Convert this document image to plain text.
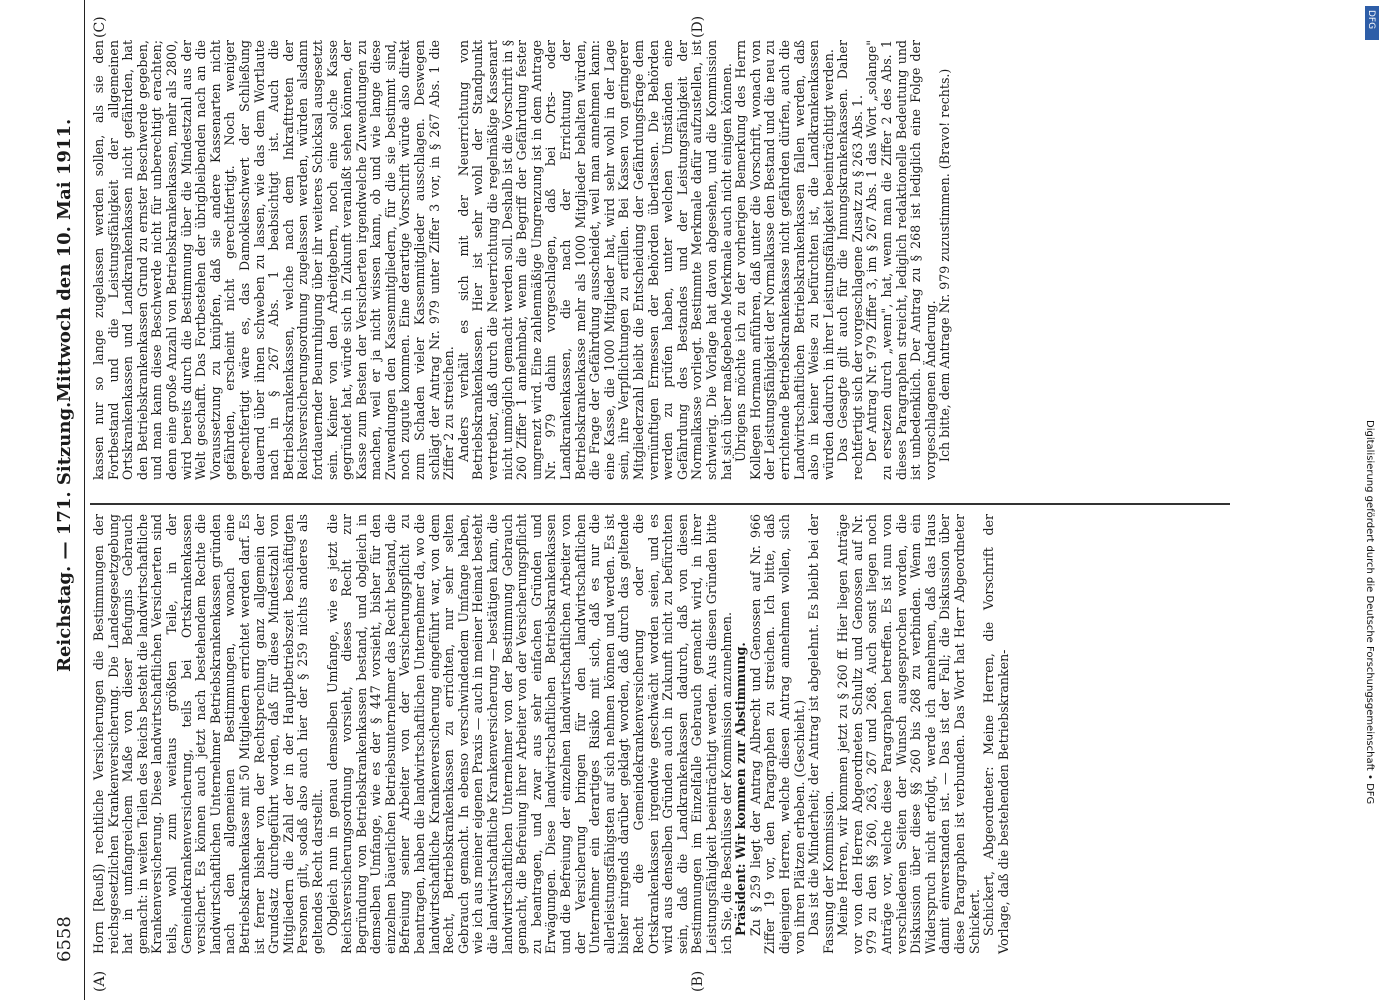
6558
Reichstag. — 171. Sitzung.
Mittwoch den 10. Mai 1911.
(A)	(B)
(C)	(D)

Horn [Reuß]) rechtliche Versicherungen die Bestimmungen der reichsgesetzlichen Krankenversicherung. Die Landesgesetzgebung hat in umfangreichem Maße von dieser Befugnis Gebrauch gemacht: in weiten Teilen des Reichs besteht die landwirtschaftliche Krankenversicherung. Diese landwirtschaftlichen Versicherten sind teils, wohl zum weitaus größten Teile, in der Gemeindekrankenversicherung, teils bei Ortskrankenkassen versichert. Es können auch jetzt nach bestehendem Rechte die landwirtschaftlichen Unternehmer Betriebskrankenkassen gründen nach den allgemeinen Bestimmungen, wonach eine Betriebskrankenkasse mit 50 Mitgliedern errichtet werden darf. Es ist ferner bisher von der Rechtsprechung ganz allgemein der Grundsatz durchgeführt worden, daß für diese Mindestzahl von Mitgliedern die Zahl der in der Hauptbetriebszeit beschäftigten Personen gilt, sodaß also auch hier der § 259 nichts anderes als geltendes Recht darstellt. Obgleich nun in genau demselben Umfange, wie es jetzt die Reichsversicherungsordnung vorsieht, dieses Recht zur Begründung von Betriebskrankenkassen bestand, und obgleich in demselben Umfange, wie es der § 447 vorsieht, bisher für den einzelnen bäuerlichen Betriebsunternehmer das Recht bestand, die Befreiung seiner Arbeiter von der Versicherungspflicht zu beantragen, haben die landwirtschaftlichen Unternehmer da, wo die landwirtschaftliche Krankenversicherung eingeführt war, von dem Recht, Betriebskrankenkassen zu errichten, nur sehr selten Gebrauch gemacht. In ebenso verschwindendem Umfange haben, wie ich aus meiner eigenen Praxis — auch in meiner Heimat besteht die landwirtschaftliche Krankenversicherung — bestätigen kann, die landwirtschaftlichen Unternehmer von der Bestimmung Gebrauch gemacht, die Befreiung ihrer Arbeiter von der Versicherungspflicht zu beantragen, und zwar aus sehr einfachen Gründen und Erwägungen. Diese landwirtschaftlichen Betriebskrankenkassen und die Befreiung der einzelnen landwirtschaftlichen Arbeiter von der Versicherung bringen für den landwirtschaftlichen Unternehmer ein derartiges Risiko mit sich, daß es nur die allerleistungsfähigsten auf sich nehmen können und werden. Es ist bisher nirgends darüber geklagt worden, daß durch das geltende Recht die Gemeindekrankenversicherung oder die Ortskrankenkassen irgendwie geschwächt worden seien, und es wird aus denselben Gründen auch in Zukunft nicht zu befürchten sein, daß die Landkrankenkassen dadurch, daß von diesen Bestimmungen im Einzelfalle Gebrauch gemacht wird, in ihrer Leistungsfähigkeit beeinträchtigt werden. Aus diesen Gründen bitte ich Sie, die Beschlüsse der Kommission anzunehmen. Präsident: Wir kommen zur Abstimmung. Zu § 259 liegt der Antrag Albrecht und Genossen auf Nr. 966 Ziffer 19 vor, den Paragraphen zu streichen. Ich bitte, daß diejenigen Herren, welche diesen Antrag annehmen wollen, sich von ihren Plätzen erheben. (Geschieht.) Das ist die Minderheit; der Antrag ist abgelehnt. Es bleibt bei der Fassung der Kommission. Meine Herren, wir kommen jetzt zu § 260 ff. Hier liegen Anträge vor von den Herren Abgeordneten Schultz und Genossen auf Nr. 979 zu den §§ 260, 263, 267 und 268. Auch sonst liegen noch Anträge vor, welche diese Paragraphen betreffen. Es ist nun von verschiedenen Seiten der Wunsch ausgesprochen worden, die Diskussion über diese §§ 260 bis 268 zu verbinden. Wenn ein Widerspruch nicht erfolgt, werde ich annehmen, daß das Haus damit einverstanden ist. — Das ist der Fall; die Diskussion über diese Paragraphen ist verbunden. Das Wort hat Herr Abgeordneter Schickert. Schickert, Abgeordneter: Meine Herren, die Vorschrift der Vorlage, daß die bestehenden Betriebskranken-

kassen nur so lange zugelassen werden sollen, als sie den Fortbestand und die Leistungsfähigkeit der allgemeinen Ortskrankenkassen und Landkrankenkassen nicht gefährden, hat den Betriebskrankenkassen Grund zu ernster Beschwerde gegeben, und man kann diese Beschwerde nicht für unberechtigt erachten; denn eine große Anzahl von Betriebskrankenkassen, mehr als 2800, wird bereits durch die Bestimmung über die Mindestzahl aus der Welt geschafft. Das Fortbestehen der übrigbleibenden nach an die Voraussetzung zu knüpfen, daß sie andere Kassenarten nicht gefährden, erscheint nicht gerechtfertigt. Noch weniger gerechtfertigt wäre es, das Damoklesschwert der Schließung dauernd über ihnen schweben zu lassen, wie das dem Wortlaute nach in § 267 Abs. 1 beabsichtigt ist. Auch die Betriebskrankenkassen, welche nach dem Inkrafttreten der Reichsversicherungsordnung zugelassen werden, würden alsdann fortdauernder Beunruhigung über ihr weiteres Schicksal ausgesetzt sein. Keiner von den Arbeitgebern, noch eine solche Kasse gegründet hat, würde sich in Zukunft veranlaßt sehen können, der Kasse zum Besten der Versicherten irgendwelche Zuwendungen zu machen, weil er ja nicht wissen kann, ob und wie lange diese Zuwendungen den Kassenmitgliedern, für die sie bestimmt sind, noch zugute kommen. Eine derartige Vorschrift würde also direkt zum Schaden vieler Kassenmitglieder ausschlagen. Deswegen schlägt der Antrag Nr. 979 unter Ziffer 3 vor, in § 267 Abs. 1 die Ziffer 2 zu streichen. Anders verhält es sich mit der Neuerrichtung von Betriebskrankenkassen. Hier ist sehr wohl der Standpunkt vertretbar, daß durch die Neuerrichtung die regelmäßige Kassenart nicht unmöglich gemacht werden soll. Deshalb ist die Vorschrift in § 260 Ziffer 1 annehmbar, wenn die Begriff der Gefährdung fester umgrenzt wird. Eine zahlenmäßige Umgrenzung ist in dem Antrage Nr. 979 dahin vorgeschlagen, daß bei Orts- oder Landkrankenkassen, die nach der Errichtung der Betriebskrankenkasse mehr als 1000 Mitglieder behalten würden, die Frage der Gefährdung ausscheidet, weil man annehmen kann: eine Kasse, die 1000 Mitglieder hat, wird sehr wohl in der Lage sein, ihre Verpflichtungen zu erfüllen. Bei Kassen von geringerer Mitgliederzahl bleibt die Entscheidung der Gefährdungsfrage dem vernünftigen Ermessen der Behörden überlassen. Die Behörden werden zu prüfen haben, unter welchen Umständen eine Gefährdung des Bestandes und der Leistungsfähigkeit der Normalkasse vorliegt. Bestimmte Merkmale dafür aufzustellen, ist schwierig. Die Vorlage hat davon abgesehen, und die Kommission hat sich über maßgebende Merkmale auch nicht einigen können. Übrigens möchte ich zu der vorherigen Bemerkung des Herrn Kollegen Hormann anführen, daß unter die Vorschrift, wonach von der Leistungsfähigkeit der Normalkasse den Bestand und die neu zu errichtende Betriebskrankenkasse nicht gefährden dürfen, auch die Landwirtschaftlichen Betriebskrankenkassen fallen werden, daß also in keiner Weise zu befürchten ist, die Landkrankenkassen würden dadurch in ihrer Leistungsfähigkeit beeinträchtigt werden. Das Gesagte gilt auch für die Innungskrankenkassen. Daher rechtfertigt sich der vorgeschlagene Zusatz zu § 263 Abs. 1. Der Antrag Nr. 979 Ziffer 3, im § 267 Abs. 1 das Wort „solange" zu ersetzen durch „wenn", hat, wenn man die Ziffer 2 des Abs. 1 dieses Paragraphen streicht, lediglich redaktionelle Bedeutung und ist unbedenklich. Der Antrag zu § 268 ist lediglich eine Folge der vorgeschlagenen Änderung. Ich bitte, dem Antrage Nr. 979 zuzustimmen. (Bravo! rechts.)

DFG
Digitalisierung gefördert durch die Deutsche Forschungsgemeinschaft • DFG
